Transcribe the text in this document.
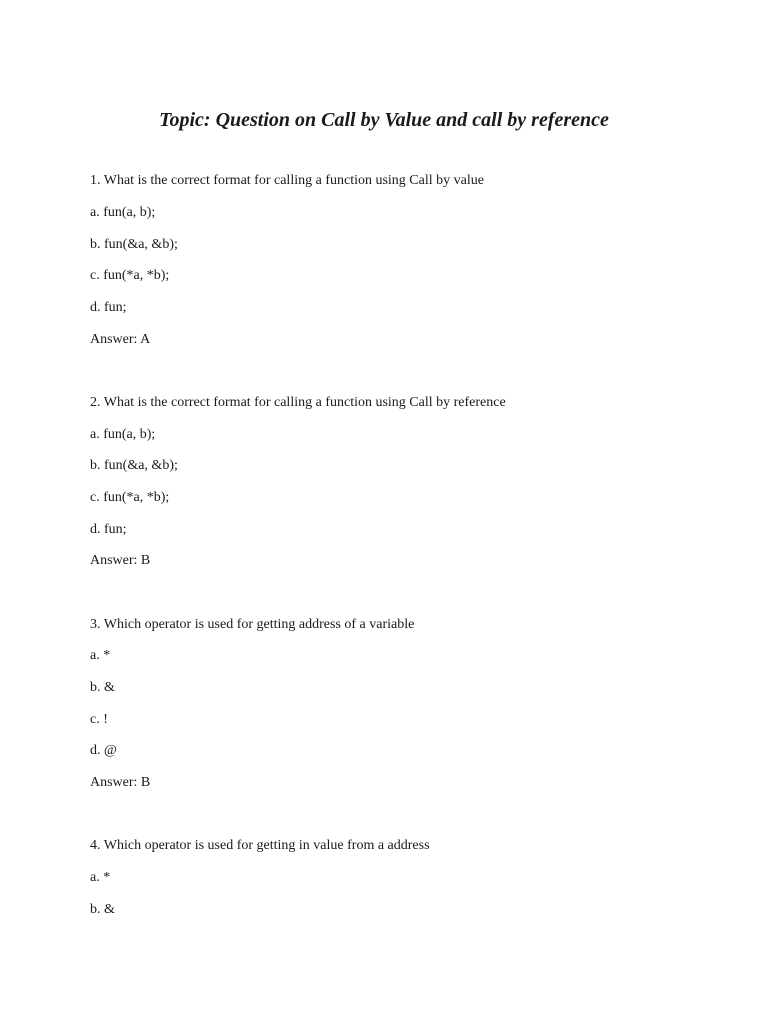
Topic: Question on Call by Value and call by reference

1. What is the correct format for calling a function using Call by value

a. fun(a, b);

b. fun(&a, &b);

c. fun(*a, *b);

d. fun;

Answer: A

2. What is the correct format for calling a function using Call by reference

a. fun(a, b);

b. fun(&a, &b);

c. fun(*a, *b);

d. fun;

Answer: B

3. Which operator is used for getting address of a variable

a. *

b. &

c. !

d. @

Answer: B

4. Which operator is used for getting in value from a address

a. *

b. &
